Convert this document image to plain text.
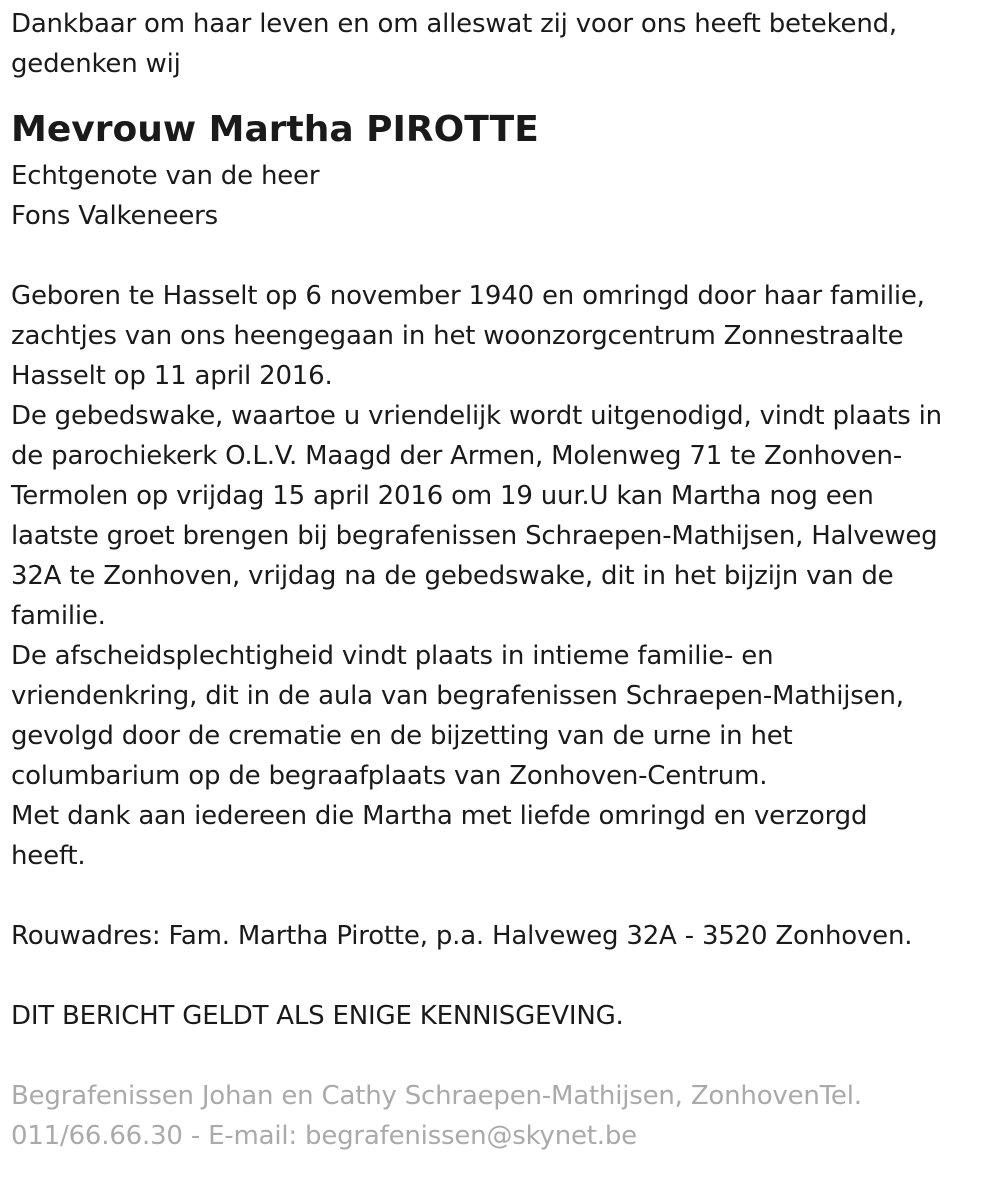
Dankbaar om haar leven en om alleswat zij voor ons heeft betekend,
gedenken wij
Mevrouw Martha PIROTTE
Echtgenote van de heer
Fons Valkeneers
Geboren te Hasselt op 6 november 1940 en omringd door haar familie,
zachtjes van ons heengegaan in het woonzorgcentrum Zonnestraalte
Hasselt op 11 april 2016.
De gebedswake, waartoe u vriendelijk wordt uitgenodigd, vindt plaats in
de parochiekerk O.L.V. Maagd der Armen, Molenweg 71 te Zonhoven-
Termolen op vrijdag 15 april 2016 om 19 uur.U kan Martha nog een
laatste groet brengen bij begrafenissen Schraepen-Mathijsen, Halveweg
32A te Zonhoven, vrijdag na de gebedswake, dit in het bijzijn van de
familie.
De afscheidsplechtigheid vindt plaats in intieme familie- en
vriendenkring, dit in de aula van begrafenissen Schraepen-Mathijsen,
gevolgd door de crematie en de bijzetting van de urne in het
columbarium op de begraafplaats van Zonhoven-Centrum.
Met dank aan iedereen die Martha met liefde omringd en verzorgd
heeft.
Rouwadres: Fam. Martha Pirotte, p.a. Halveweg 32A - 3520 Zonhoven.
DIT BERICHT GELDT ALS ENIGE KENNISGEVING.
Begrafenissen Johan en Cathy Schraepen-Mathijsen, ZonhovenTel.
011/66.66.30 - E-mail: begrafenissen@skynet.be
